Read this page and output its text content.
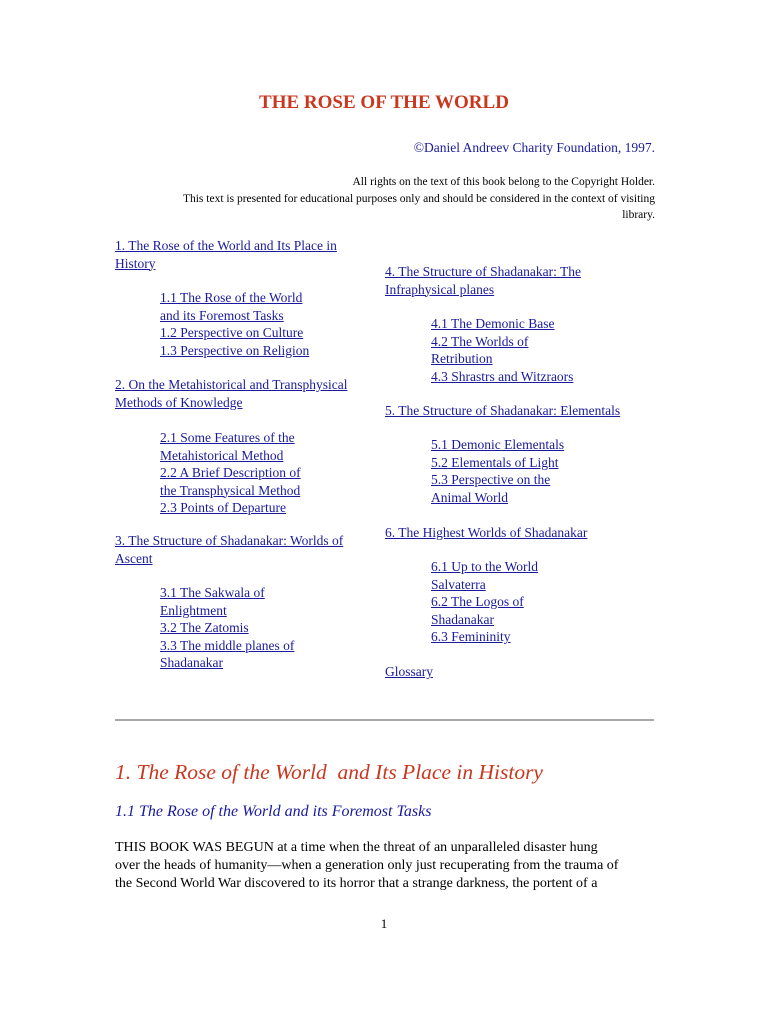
THE ROSE OF THE WORLD
©Daniel Andreev Charity Foundation, 1997.
All rights on the text of this book belong to the Copyright Holder.
This text is presented for educational purposes only and should be considered in the context of visiting
library.
1. The Rose of the World and Its Place in
History
1.1 The Rose of the World
and its Foremost Tasks
1.2 Perspective on Culture
1.3 Perspective on Religion
2. On the Metahistorical and Transphysical
Methods of Knowledge
2.1 Some Features of the
Metahistorical Method
2.2 A Brief Description of
the Transphysical Method
2.3 Points of Departure
3. The Structure of Shadanakar: Worlds of
Ascent
3.1 The Sakwala of
Enlightment
3.2 The Zatomis
3.3 The middle planes of
Shadanakar
4. The Structure of Shadanakar: The
Infraphysical planes
4.1 The Demonic Base
4.2 The Worlds of
Retribution
4.3 Shrastrs and Witzraors
5. The Structure of Shadanakar: Elementals
5.1 Demonic Elementals
5.2 Elementals of Light
5.3 Perspective on the
Animal World
6. The Highest Worlds of Shadanakar
6.1 Up to the World
Salvaterra
6.2 The Logos of
Shadanakar
6.3 Femininity
Glossary
1. The Rose of the World  and Its Place in History
1.1 The Rose of the World and its Foremost Tasks
THIS BOOK WAS BEGUN at a time when the threat of an unparalleled disaster hung
over the heads of humanity—when a generation only just recuperating from the trauma of
the Second World War discovered to its horror that a strange darkness, the portent of a
1
